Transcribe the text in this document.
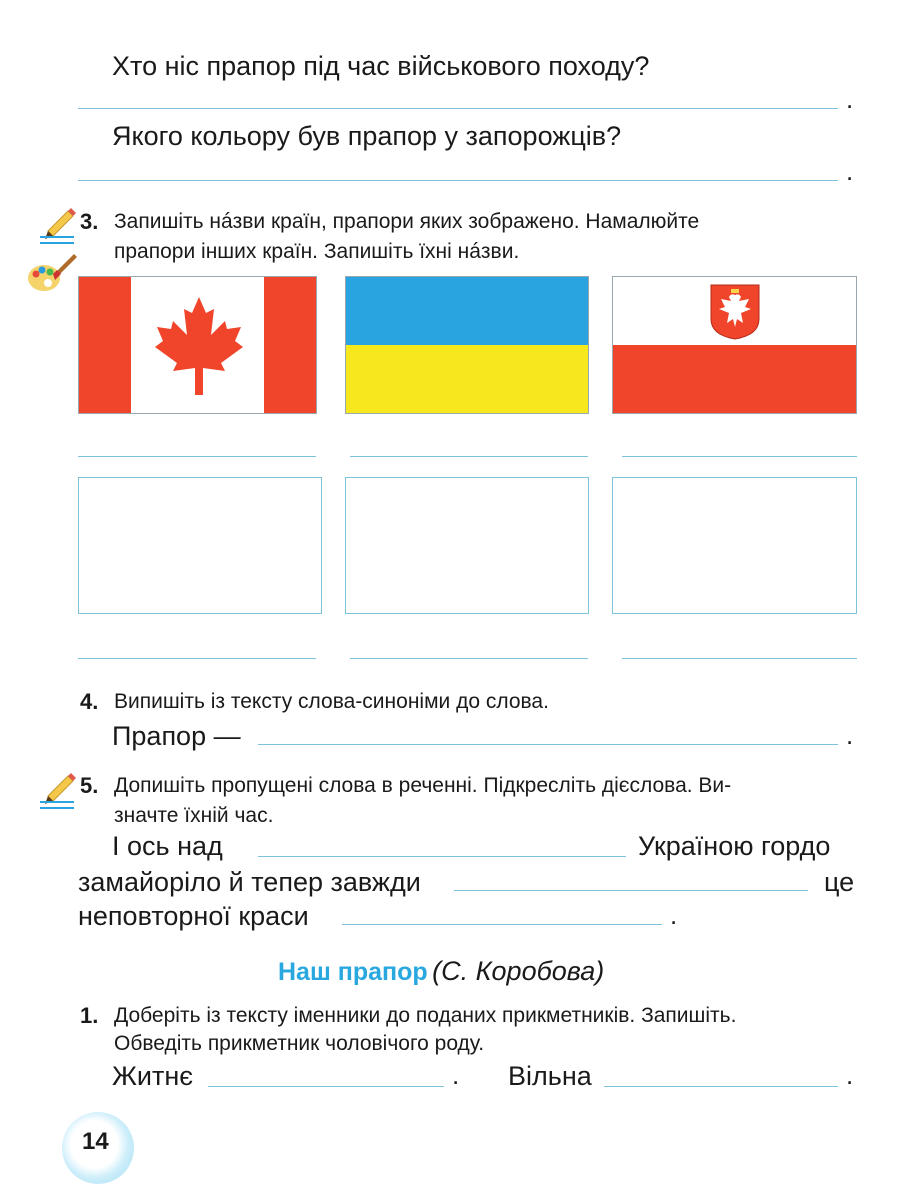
Хто ніс прапор під час військового походу?
.
Якого кольору був прапор у запорожців?
.
3. Запишіть нáзви країн, прапори яких зображено. Намалюйте
прапори інших країн. Запишіть їхні нáзви.
4. Випишіть із тексту слова-синоніми до слова.
Прапор —	.
5. Допишіть пропущені слова в реченні. Підкресліть дієслова. Ви-
значте їхній час.
І ось над	Україною гордо
замайоріло й тепер завжди	це
неповторної краси	.
Наш прапор (С. Коробова)
1. Доберіть із тексту іменники до поданих прикметників. Запишіть.
Обведіть прикметник чоловічого роду.
Житнє	. Вільна	.
14
